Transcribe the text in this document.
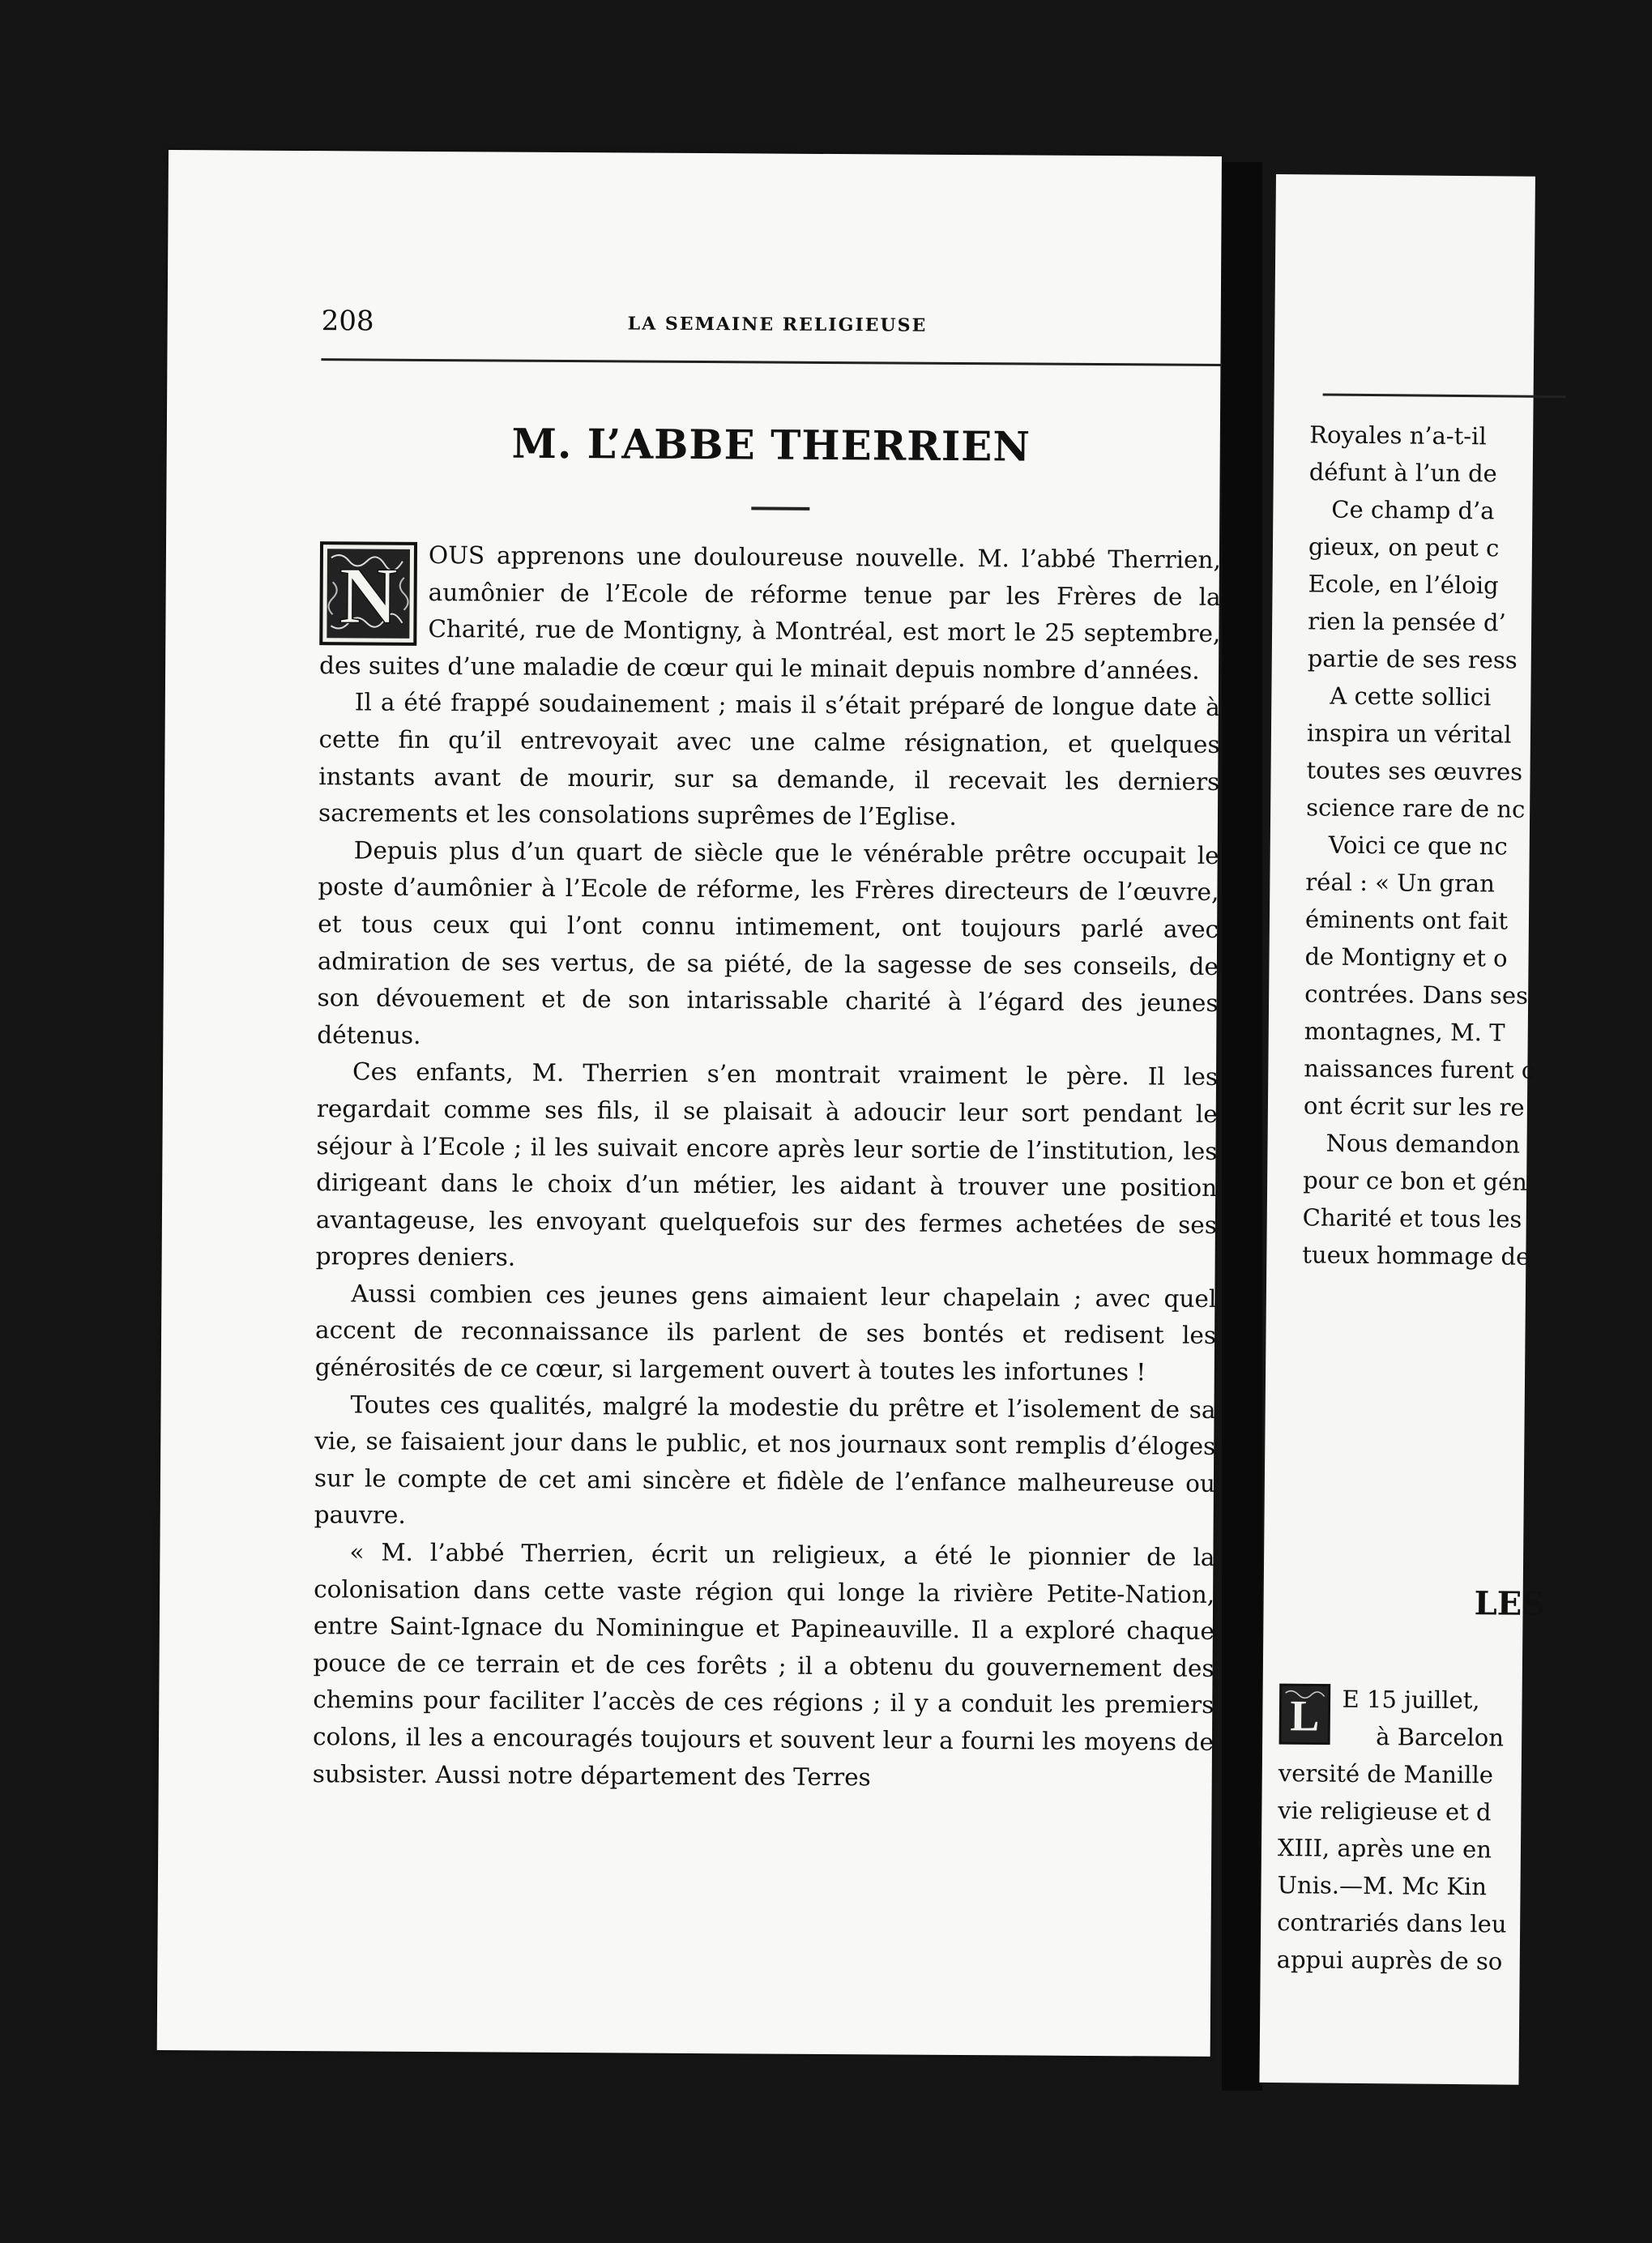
208	LA SEMAINE RELIGIEUSE
M. L’ABBE THERRIEN

N OUS apprenons une douloureuse nouvelle. M. l’abbé Therrien, aumônier de l’Ecole de réforme tenue par les Frères de la Charité, rue de Montigny, à Montréal, est mort le 25 septembre, des suites d’une maladie de cœur qui le minait depuis nombre d’années.

Il a été frappé soudainement ; mais il s’était préparé de longue date à cette fin qu’il entrevoyait avec une calme résignation, et quelques instants avant de mourir, sur sa demande, il recevait les derniers sacrements et les consolations suprêmes de l’Eglise.

Depuis plus d’un quart de siècle que le vénérable prêtre occupait le poste d’aumônier à l’Ecole de réforme, les Frères directeurs de l’œuvre, et tous ceux qui l’ont connu intimement, ont toujours parlé avec admiration de ses vertus, de sa piété, de la sagesse de ses conseils, de son dévouement et de son intarissable charité à l’égard des jeunes détenus.

Ces enfants, M. Therrien s’en montrait vraiment le père. Il les regardait comme ses fils, il se plaisait à adoucir leur sort pendant le séjour à l’Ecole ; il les suivait encore après leur sortie de l’institution, les dirigeant dans le choix d’un métier, les aidant à trouver une position avantageuse, les envoyant quelquefois sur des fermes achetées de ses propres deniers.

Aussi combien ces jeunes gens aimaient leur chapelain ; avec quel accent de reconnaissance ils parlent de ses bontés et redisent les générosités de ce cœur, si largement ouvert à toutes les infortunes !

Toutes ces qualités, malgré la modestie du prêtre et l’isolement de sa vie, se faisaient jour dans le public, et nos journaux sont remplis d’éloges sur le compte de cet ami sincère et fidèle de l’enfance malheureuse ou pauvre.

« M. l’abbé Therrien, écrit un religieux, a été le pionnier de la colonisation dans cette vaste région qui longe la rivière Petite-Nation, entre Saint-Ignace du Nominingue et Papineauville. Il a exploré chaque pouce de ce terrain et de ces forêts ; il a obtenu du gouvernement des chemins pour faciliter l’accès de ces régions ; il y a conduit les premiers colons, il les a encouragés toujours et souvent leur a fourni les moyens de subsister. Aussi notre département des Terres

Royales n’a-t-il
défunt à l’un de
Ce champ d’a
gieux, on peut c
Ecole, en l’éloig
rien la pensée d’
partie de ses ress
A cette sollici
inspira un vérital
toutes ses œuvres
science rare de nc
Voici ce que nc
réal : « Un gran
éminents ont fait
de Montigny et o
contrées. Dans ses
montagnes, M. T
naissances furent c
ont écrit sur les re
Nous demandon
pour ce bon et gén
Charité et tous les
tueux hommage de
LES
L E 15 juillet,
à Barcelon
versité de Manille
vie religieuse et d
XIII, après une en
Unis.—M. Mc Kin
contrariés dans leu
appui auprès de so
